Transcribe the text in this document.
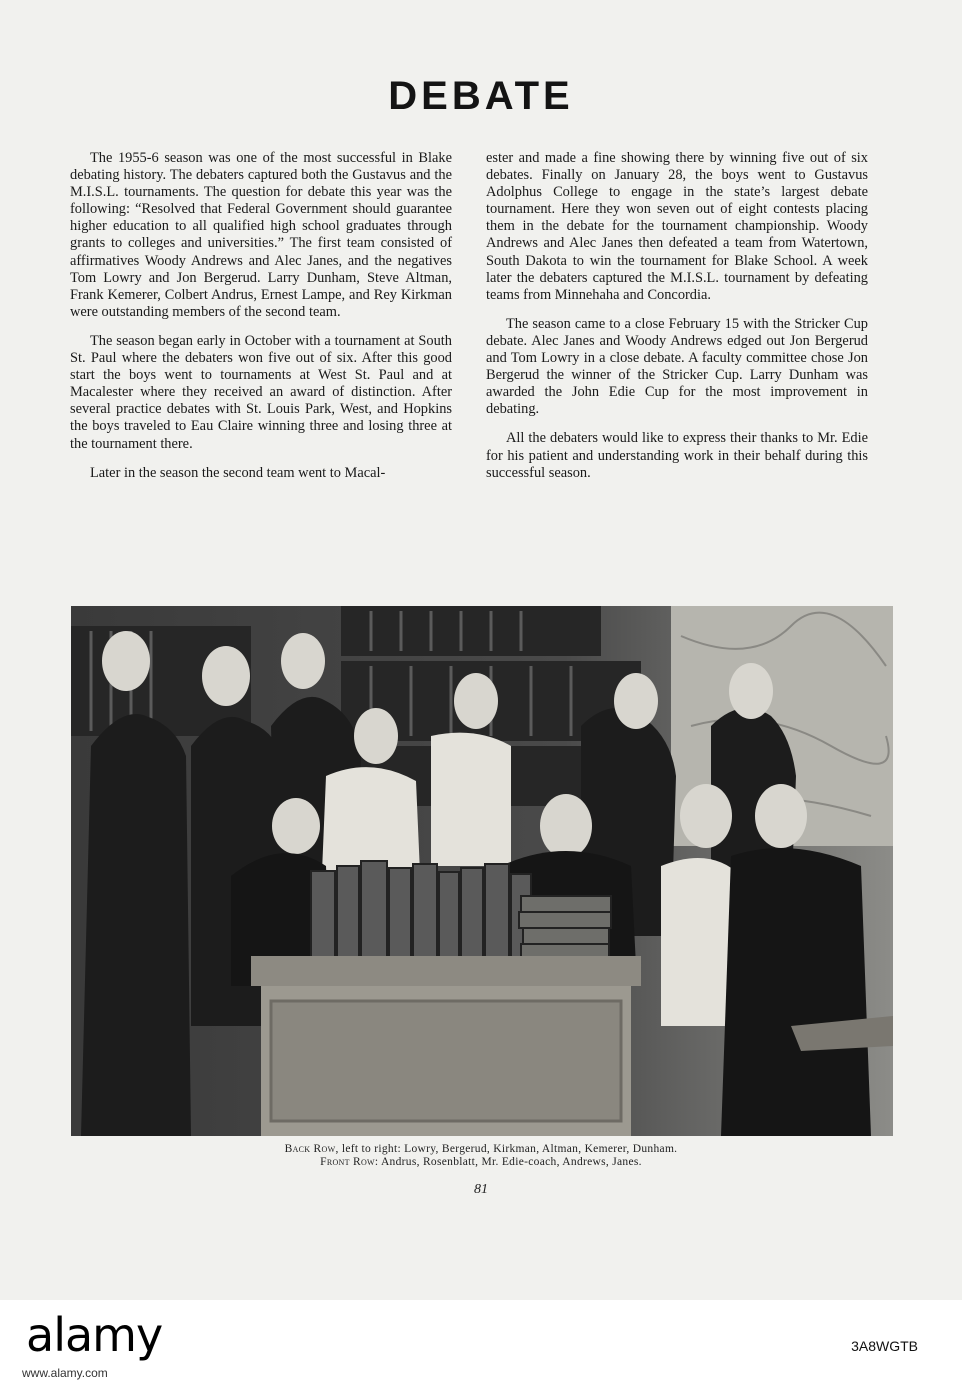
DEBATE

The 1955-6 season was one of the most successful in Blake debating history. The debaters captured both the Gustavus and the M.I.S.L. tournaments. The question for debate this year was the following: “Resolved that Federal Government should guarantee higher education to all qualified high school graduates through grants to colleges and universities.” The first team consisted of affirmatives Woody Andrews and Alec Janes, and the negatives Tom Lowry and Jon Bergerud. Larry Dunham, Steve Altman, Frank Kemerer, Colbert Andrus, Ernest Lampe, and Rey Kirkman were outstanding members of the second team.

The season began early in October with a tournament at South St. Paul where the debaters won five out of six. After this good start the boys went to tournaments at West St. Paul and at Macalester where they received an award of distinction. After several practice debates with St. Louis Park, West, and Hopkins the boys traveled to Eau Claire winning three and losing three at the tournament there.

Later in the season the second team went to Macal-

ester and made a fine showing there by winning five out of six debates. Finally on January 28, the boys went to Gustavus Adolphus College to engage in the state’s largest debate tournament. Here they won seven out of eight contests placing them in the debate for the tournament championship. Woody Andrews and Alec Janes then defeated a team from Watertown, South Dakota to win the tournament for Blake School. A week later the debaters captured the M.I.S.L. tournament by defeating teams from Minnehaha and Concordia.

The season came to a close February 15 with the Stricker Cup debate. Alec Janes and Woody Andrews edged out Jon Bergerud and Tom Lowry in a close debate. A faculty committee chose Jon Bergerud the winner of the Stricker Cup. Larry Dunham was awarded the John Edie Cup for the most improvement in debating.

All the debaters would like to express their thanks to Mr. Edie for his patient and understanding work in their behalf during this successful season.

Back Row, left to right: Lowry, Bergerud, Kirkman, Altman, Kemerer, Dunham.
Front Row: Andrus, Rosenblatt, Mr. Edie-coach, Andrews, Janes.
81
alamy
www.alamy.com
3A8WGTB
